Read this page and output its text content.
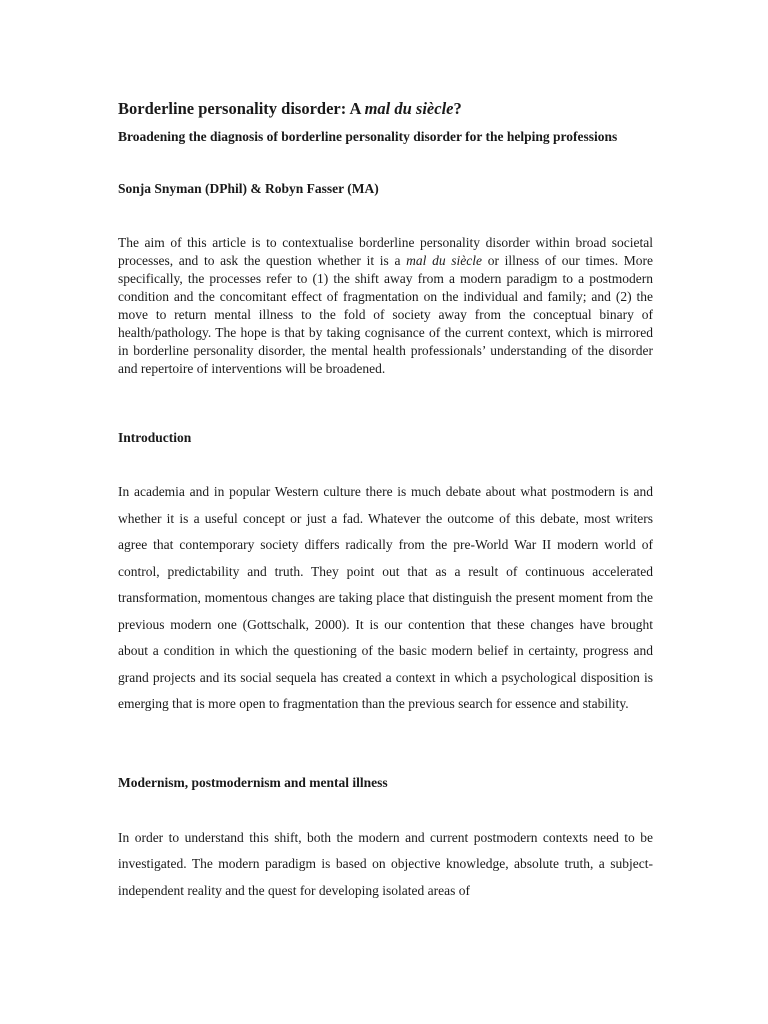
Borderline personality disorder: A mal du siècle?

Broadening the diagnosis of borderline personality disorder for the helping professions

Sonja Snyman (DPhil) & Robyn Fasser (MA)

The aim of this article is to contextualise borderline personality disorder within broad societal processes, and to ask the question whether it is a mal du siècle or illness of our times. More specifically, the processes refer to (1) the shift away from a modern paradigm to a postmodern condition and the concomitant effect of fragmentation on the individual and family; and (2) the move to return mental illness to the fold of society away from the conceptual binary of health/pathology. The hope is that by taking cognisance of the current context, which is mirrored in borderline personality disorder, the mental health professionals’ understanding of the disorder and repertoire of interventions will be broadened.

Introduction

In academia and in popular Western culture there is much debate about what postmodern is and whether it is a useful concept or just a fad. Whatever the outcome of this debate, most writers agree that contemporary society differs radically from the pre-World War II modern world of control, predictability and truth. They point out that as a result of continuous accelerated transformation, momentous changes are taking place that distinguish the present moment from the previous modern one (Gottschalk, 2000). It is our contention that these changes have brought about a condition in which the questioning of the basic modern belief in certainty, progress and grand projects and its social sequela has created a context in which a psychological disposition is emerging that is more open to fragmentation than the previous search for essence and stability.

Modernism, postmodernism and mental illness

In order to understand this shift, both the modern and current postmodern contexts need to be investigated. The modern paradigm is based on objective knowledge, absolute truth, a subject-independent reality and the quest for developing isolated areas of
